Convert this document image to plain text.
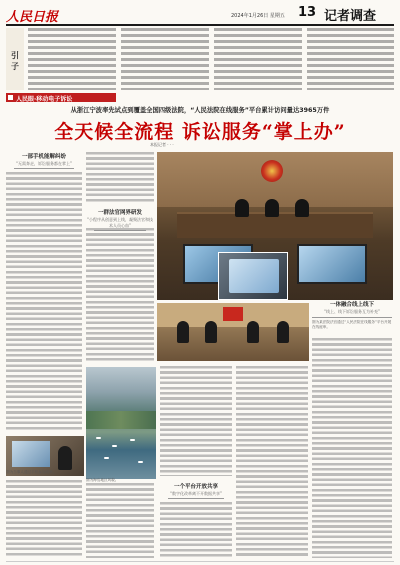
人民日报	2024年1月26日 星期五 13 记者调查
引子
人民眼·移动电子诉讼
从浙江宁波率先试点到覆盖全国四级法院，“人民法院在线服务”平台累计访问量达3965万件
全天候全流程 诉讼服务“掌上办”
本报记者 · · ·
一部手机能解纠纷
“无需奔走，诉讼服务都在掌上”
一群法官网界研发
“小程序从创意到上线，凝聚法官和技术人员心血”
一体融合线上线下
“线上、线下诉讼服务互为补充”
图为某法院法官通过“人民法院在线服务”平台开展在线庭审。
一个平台开放共享
“数字化改革离不开数据共享”
图为海岛地区风貌。
图为当事人通过手机参加庭审。
